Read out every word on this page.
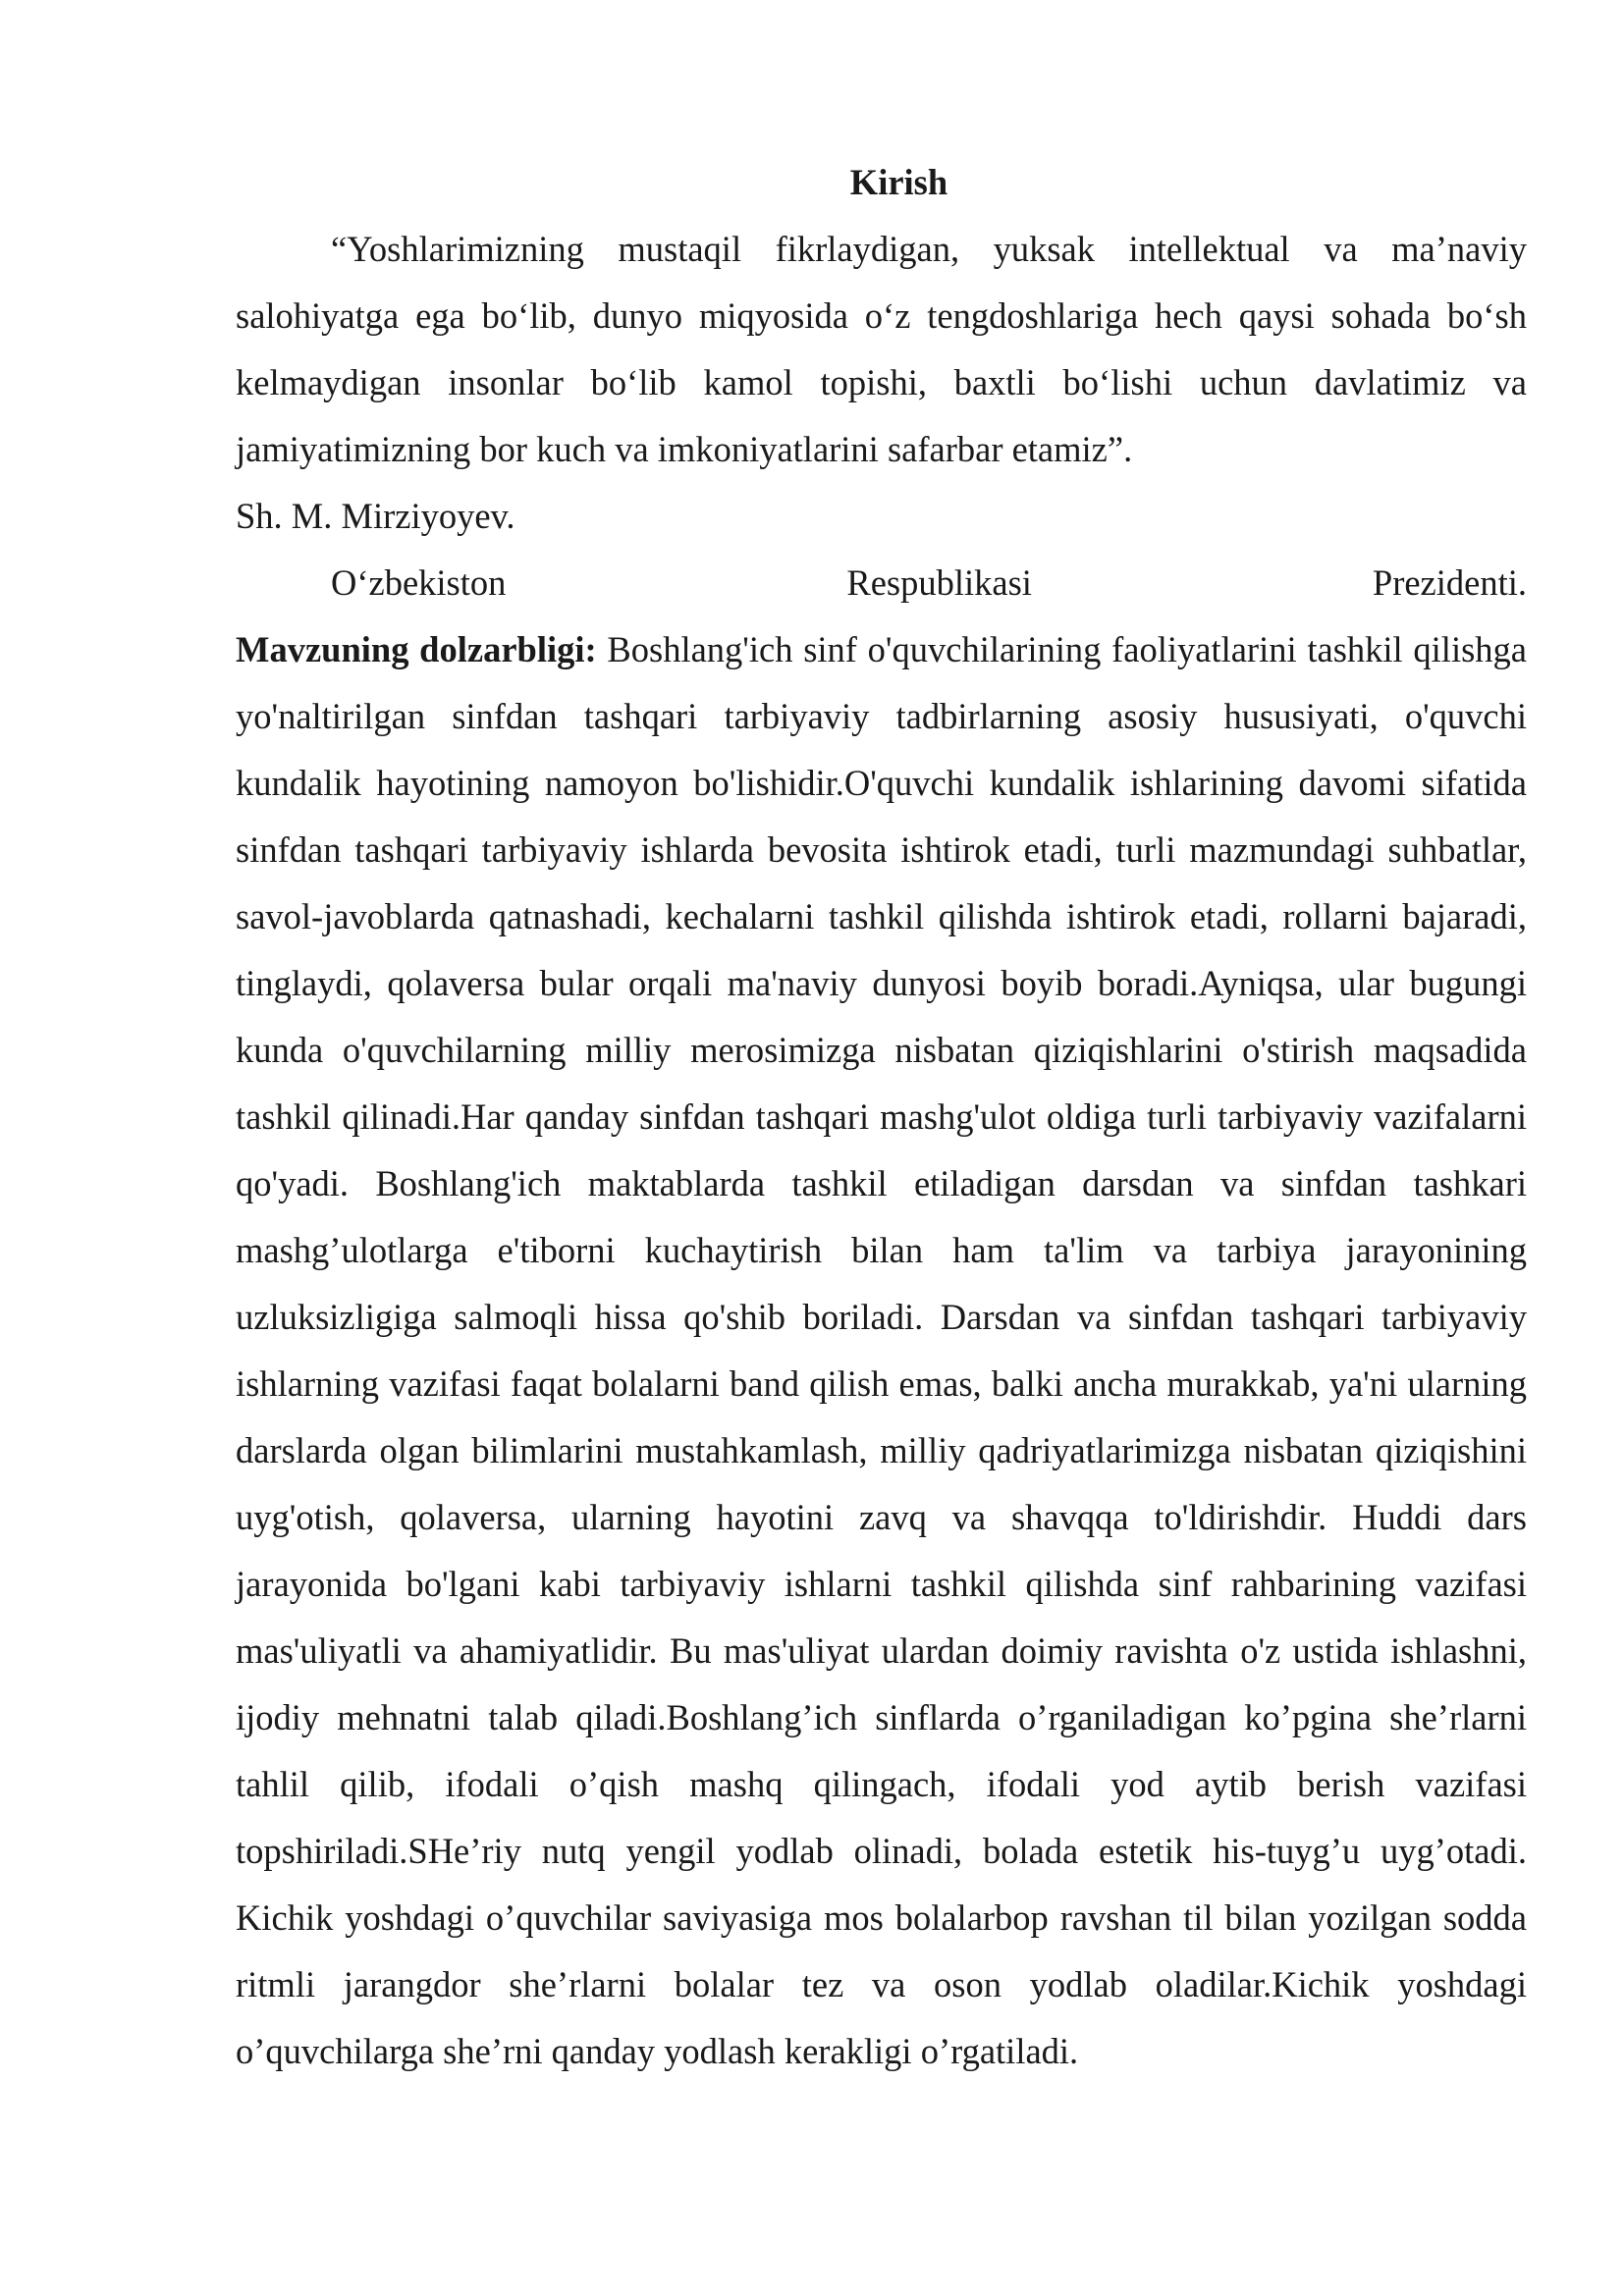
Kirish

“Yoshlarimizning mustaqil fikrlaydigan, yuksak intellektual va ma’naviy salohiyatga ega bo‘lib, dunyo miqyosida o‘z tengdoshlariga hech qaysi sohada bo‘sh kelmaydigan insonlar bo‘lib kamol topishi, baxtli bo‘lishi uchun davlatimiz va jamiyatimizning bor kuch va imkoniyatlarini safarbar etamiz”.

Sh. M. Mirziyoyev.

O‘zbekiston	Respublikasi	Prezidenti.

Mavzuning dolzarbligi: Boshlang'ich sinf o'quvchilarining faoliyatlarini tashkil qilishga yo'naltirilgan sinfdan tashqari tarbiyaviy tadbirlarning asosiy hususiyati, o'quvchi kundalik hayotining namoyon bo'lishidir.O'quvchi kundalik ishlarining davomi sifatida sinfdan tashqari tarbiyaviy ishlarda bevosita ishtirok etadi, turli mazmundagi suhbatlar, savol-javoblarda qatnashadi, kechalarni tashkil qilishda ishtirok etadi, rollarni bajaradi, tinglaydi, qolaversa bular orqali ma'naviy dunyosi boyib boradi.Ayniqsa, ular bugungi kunda o'quvchilarning milliy merosimizga nisbatan qiziqishlarini o'stirish maqsadida tashkil qilinadi.Har qanday sinfdan tashqari mashg'ulot oldiga turli tarbiyaviy vazifalarni qo'yadi. Boshlang'ich maktablarda tashkil etiladigan darsdan va sinfdan tashkari mashg’ulotlarga e'tiborni kuchaytirish bilan ham ta'lim va tarbiya jarayonining uzluksizligiga salmoqli hissa qo'shib boriladi. Darsdan va sinfdan tashqari tarbiyaviy ishlarning vazifasi faqat bolalarni band qilish emas, balki ancha murakkab, ya'ni ularning darslarda olgan bilimlarini mustahkamlash, milliy qadriyatlarimizga nisbatan qiziqishini uyg'otish, qolaversa, ularning hayotini zavq va shavqqa to'ldirishdir. Huddi dars jarayonida bo'lgani kabi tarbiyaviy ishlarni tashkil qilishda sinf rahbarining vazifasi mas'uliyatli va ahamiyatlidir. Bu mas'uliyat ulardan doimiy ravishta o'z ustida ishlashni, ijodiy mehnatni talab qiladi.Boshlang’ich sinflarda o’rganiladigan ko’pgina she’rlarni tahlil qilib, ifodali o’qish mashq qilingach, ifodali yod aytib berish vazifasi topshiriladi.SHe’riy nutq yengil yodlab olinadi, bolada estetik his-tuyg’u uyg’otadi. Kichik yoshdagi o’quvchilar saviyasiga mos bolalarbop ravshan til bilan yozilgan sodda ritmli jarangdor she’rlarni bolalar tez va oson yodlab oladilar.Kichik yoshdagi o’quvchilarga she’rni qanday yodlash kerakligi o’rgatiladi.
